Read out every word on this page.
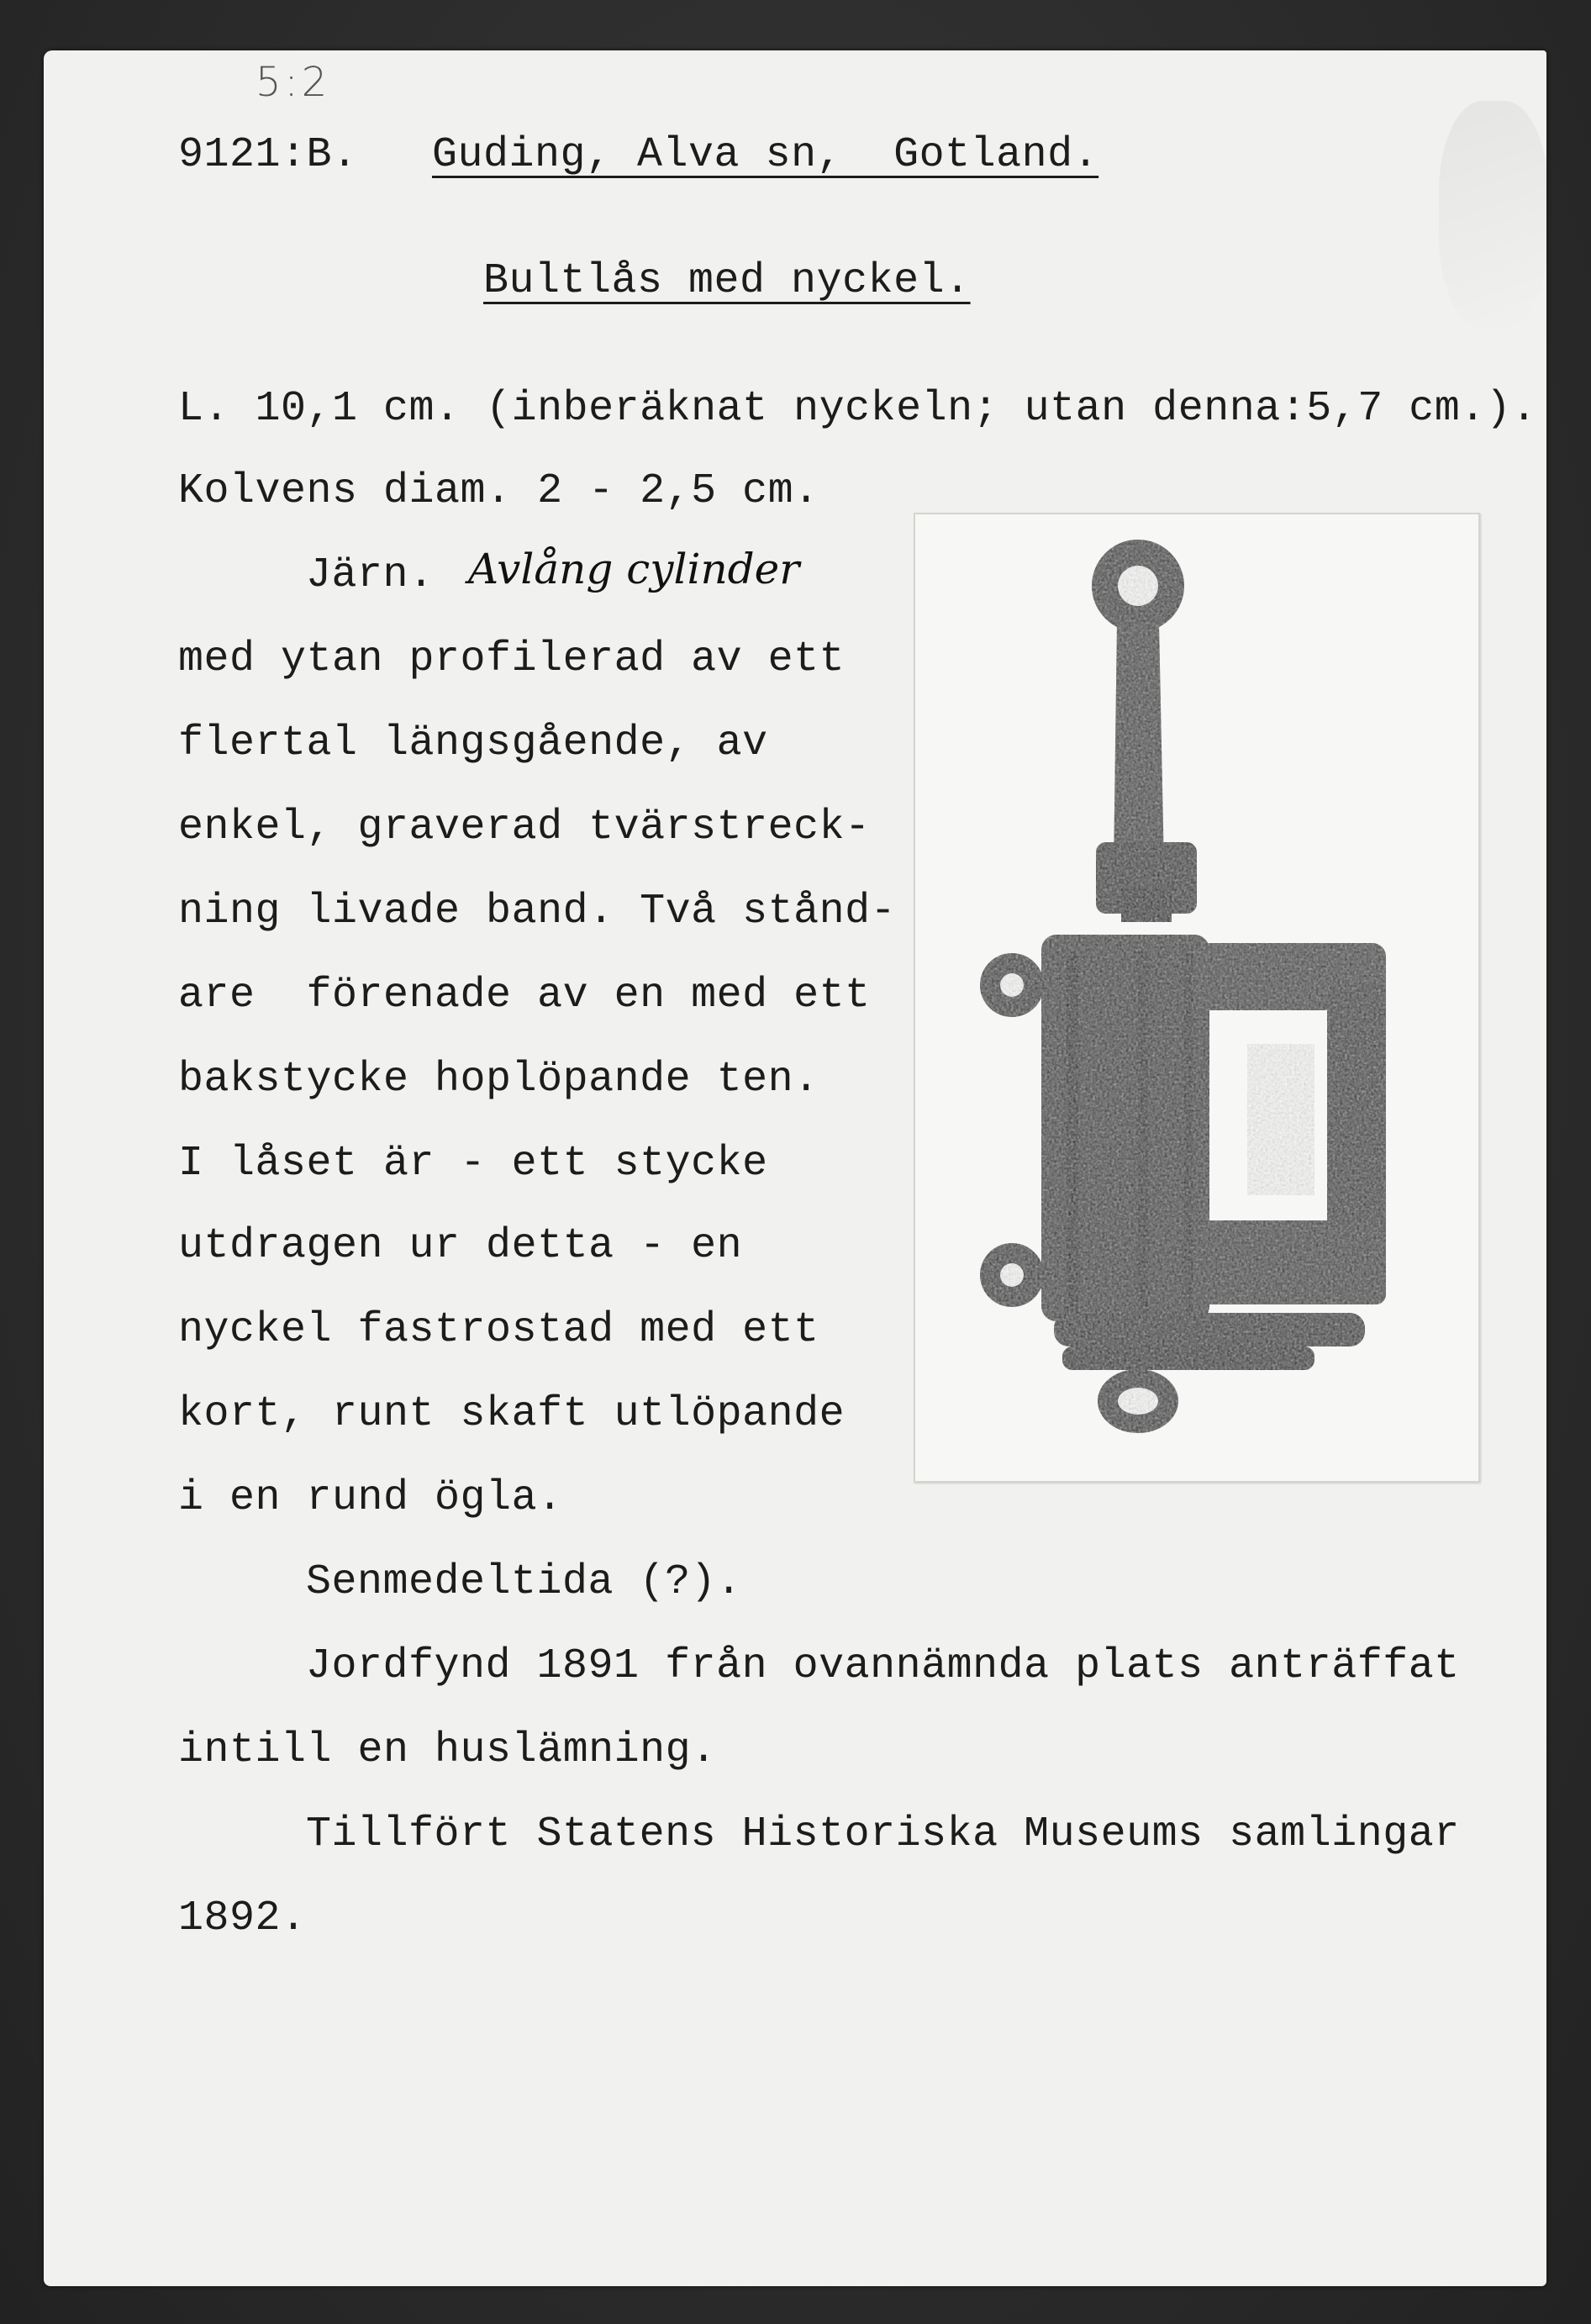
5:2
9121:B. Guding, Alva sn,  Gotland.
Bultlås med nyckel.
L. 10,1 cm. (inberäknat nyckeln; utan denna:5,7 cm.).
Kolvens diam. 2 - 2,5 cm.
Järn. Avlång cylinder
med ytan profilerad av ett
flertal längsgående, av
enkel, graverad tvärstreck-
ning livade band. Två stånd-
are  förenade av en med ett
bakstycke hoplöpande ten.
I låset är - ett stycke
utdragen ur detta - en
nyckel fastrostad med ett
kort, runt skaft utlöpande
i en rund ögla.
Senmedeltida (?).
Jordfynd 1891 från ovannämnda plats anträffat
intill en huslämning.
Tillfört Statens Historiska Museums samlingar
1892.
